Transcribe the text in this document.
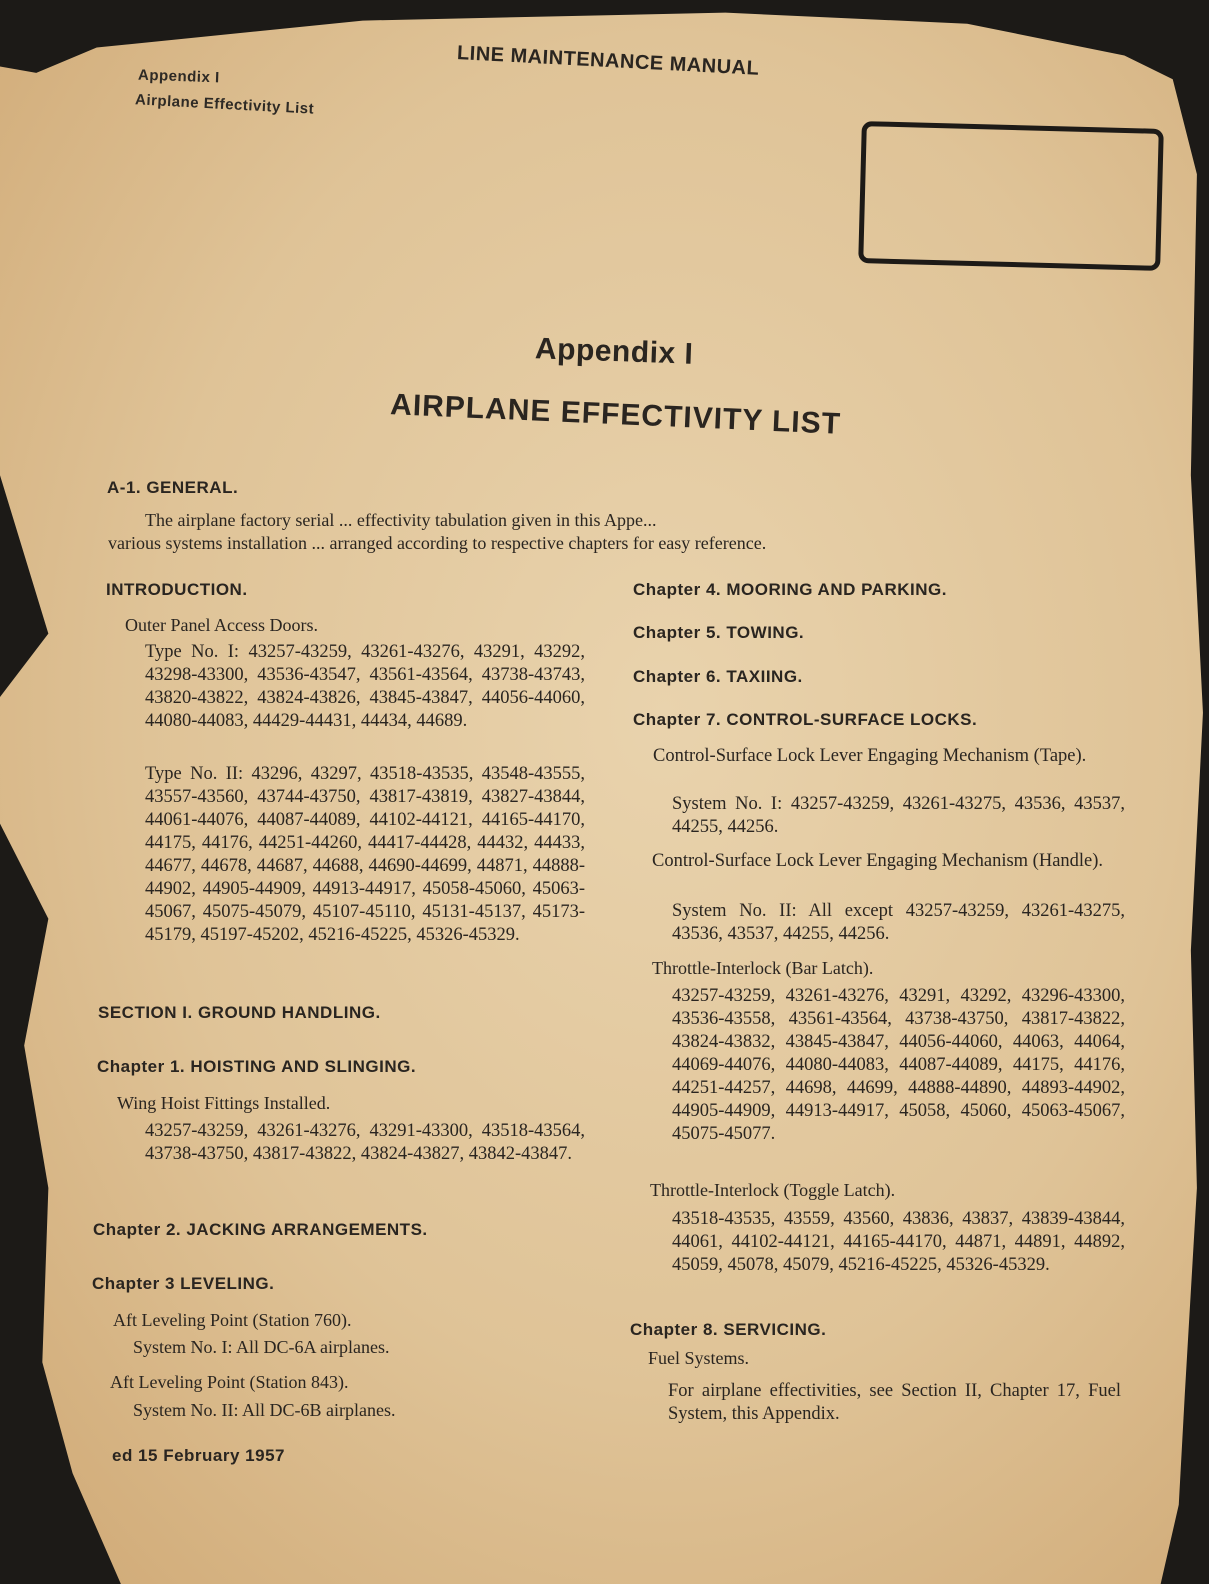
LINE MAINTENANCE MANUAL
Appendix I
Airplane Effectivity List
Appendix I
AIRPLANE EFFECTIVITY LIST
A-1. GENERAL.
The airplane factory serial ... effectivity tabulation given in this Appe...
various systems installation ... arranged according to respective chapters for easy reference.
INTRODUCTION.
Outer Panel Access Doors.
Type No. I: 43257-43259, 43261-43276, 43291, 43292, 43298-43300, 43536-43547, 43561-43564, 43738-43743, 43820-43822, 43824-43826, 43845-43847, 44056-44060, 44080-44083, 44429-44431, 44434, 44689.
Type No. II: 43296, 43297, 43518-43535, 43548-43555, 43557-43560, 43744-43750, 43817-43819, 43827-43844, 44061-44076, 44087-44089, 44102-44121, 44165-44170, 44175, 44176, 44251-44260, 44417-44428, 44432, 44433, 44677, 44678, 44687, 44688, 44690-44699, 44871, 44888-44902, 44905-44909, 44913-44917, 45058-45060, 45063-45067, 45075-45079, 45107-45110, 45131-45137, 45173-45179, 45197-45202, 45216-45225, 45326-45329.
SECTION I. GROUND HANDLING.
Chapter 1. HOISTING AND SLINGING.
Wing Hoist Fittings Installed.
43257-43259, 43261-43276, 43291-43300, 43518-43564, 43738-43750, 43817-43822, 43824-43827, 43842-43847.
Chapter 2. JACKING ARRANGEMENTS.
Chapter 3 LEVELING.
Aft Leveling Point (Station 760).
System No. I: All DC-6A airplanes.
Aft Leveling Point (Station 843).
System No. II: All DC-6B airplanes.
ed 15 February 1957
Chapter 4. MOORING AND PARKING.
Chapter 5. TOWING.
Chapter 6. TAXIING.
Chapter 7. CONTROL-SURFACE LOCKS.
Control-Surface Lock Lever Engaging Mechanism (Tape).
System No. I: 43257-43259, 43261-43275, 43536, 43537, 44255, 44256.
Control-Surface Lock Lever Engaging Mechanism (Handle).
System No. II: All except 43257-43259, 43261-43275, 43536, 43537, 44255, 44256.
Throttle-Interlock (Bar Latch).
43257-43259, 43261-43276, 43291, 43292, 43296-43300, 43536-43558, 43561-43564, 43738-43750, 43817-43822, 43824-43832, 43845-43847, 44056-44060, 44063, 44064, 44069-44076, 44080-44083, 44087-44089, 44175, 44176, 44251-44257, 44698, 44699, 44888-44890, 44893-44902, 44905-44909, 44913-44917, 45058, 45060, 45063-45067, 45075-45077.
Throttle-Interlock (Toggle Latch).
43518-43535, 43559, 43560, 43836, 43837, 43839-43844, 44061, 44102-44121, 44165-44170, 44871, 44891, 44892, 45059, 45078, 45079, 45216-45225, 45326-45329.
Chapter 8. SERVICING.
Fuel Systems.
For airplane effectivities, see Section II, Chapter 17, Fuel System, this Appendix.
